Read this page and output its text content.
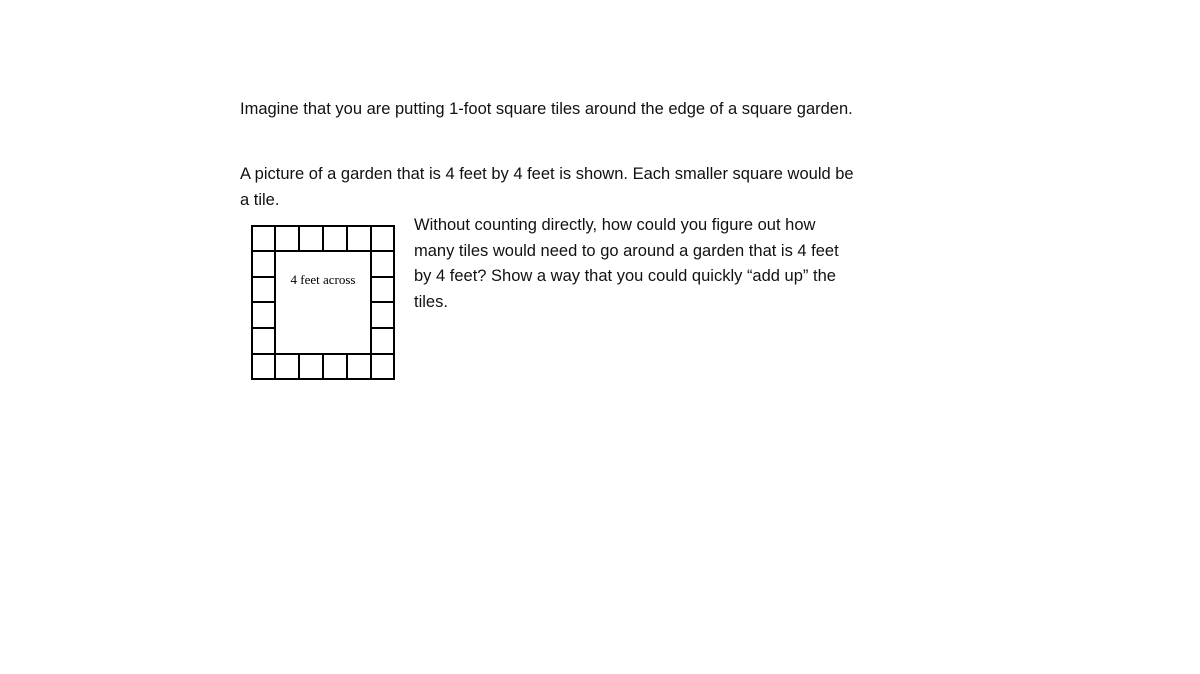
Imagine that you are putting 1-foot square tiles around the edge of a square garden.

A picture of a garden that is 4 feet by 4 feet is shown. Each smaller square would be a tile.

4 feet across

Without counting directly, how could you figure out how many tiles would need to go around a garden that is 4 feet by 4 feet? Show a way that you could quickly “add up” the tiles.
